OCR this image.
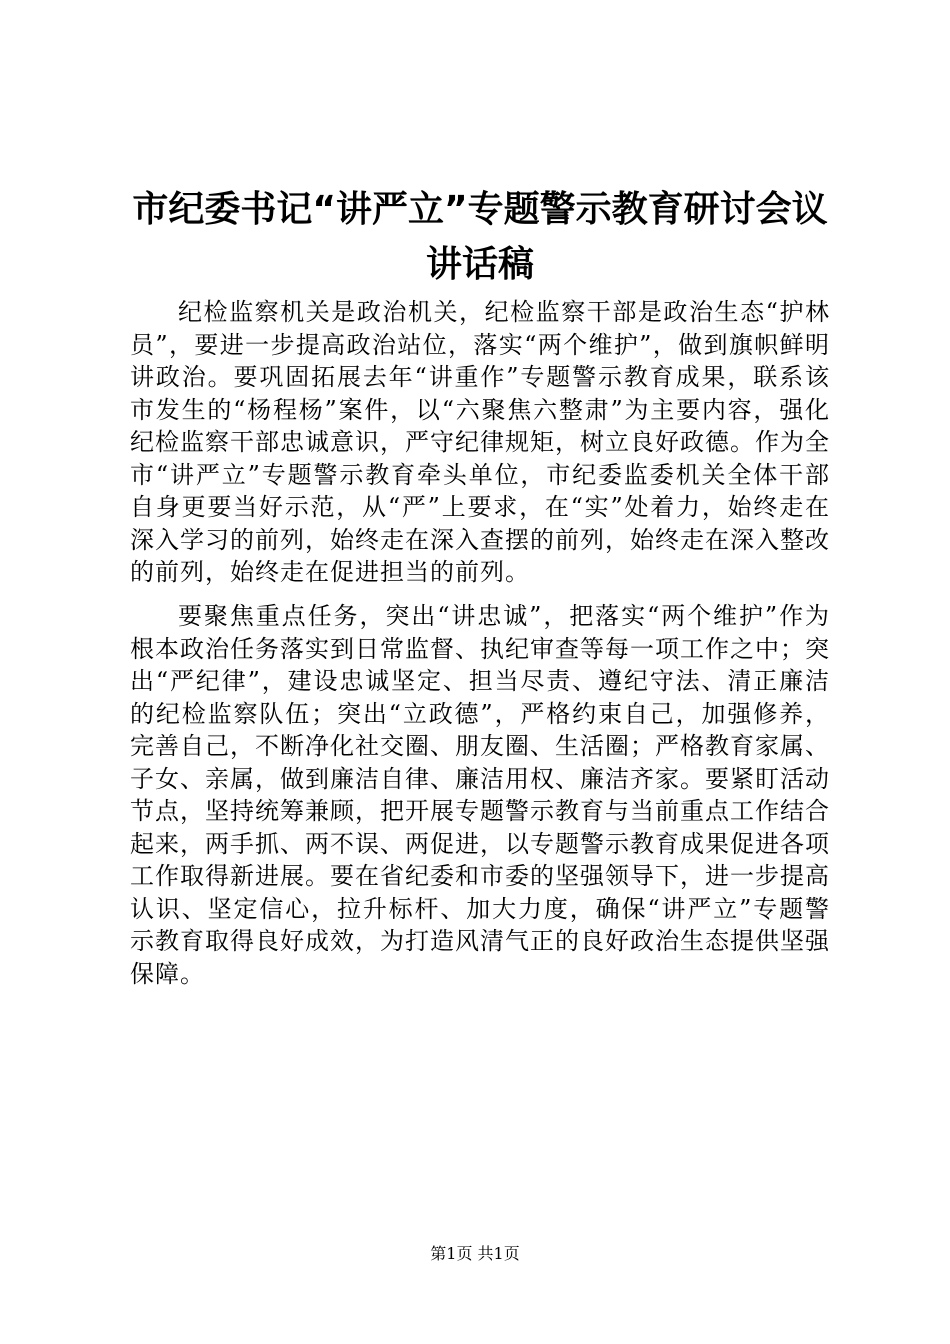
市纪委书记“讲严立”专题警示教育研讨会议讲话稿

纪检监察机关是政治机关，纪检监察干部是政治生态“护林员”，要进一步提高政治站位，落实“两个维护”，做到旗帜鲜明讲政治。要巩固拓展去年“讲重作”专题警示教育成果，联系该市发生的“杨程杨”案件，以“六聚焦六整肃”为主要内容，强化纪检监察干部忠诚意识，严守纪律规矩，树立良好政德。作为全市“讲严立”专题警示教育牵头单位，市纪委监委机关全体干部自身更要当好示范，从“严”上要求，在“实”处着力，始终走在深入学习的前列，始终走在深入查摆的前列，始终走在深入整改的前列，始终走在促进担当的前列。

要聚焦重点任务，突出“讲忠诚”，把落实“两个维护”作为根本政治任务落实到日常监督、执纪审查等每一项工作之中；突出“严纪律”，建设忠诚坚定、担当尽责、遵纪守法、清正廉洁的纪检监察队伍；突出“立政德”，严格约束自己，加强修养，完善自己，不断净化社交圈、朋友圈、生活圈；严格教育家属、子女、亲属，做到廉洁自律、廉洁用权、廉洁齐家。要紧盯活动节点，坚持统筹兼顾，把开展专题警示教育与当前重点工作结合起来，两手抓、两不误、两促进，以专题警示教育成果促进各项工作取得新进展。要在省纪委和市委的坚强领导下，进一步提高认识、坚定信心，拉升标杆、加大力度，确保“讲严立”专题警示教育取得良好成效，为打造风清气正的良好政治生态提供坚强保障。

第1页 共1页
